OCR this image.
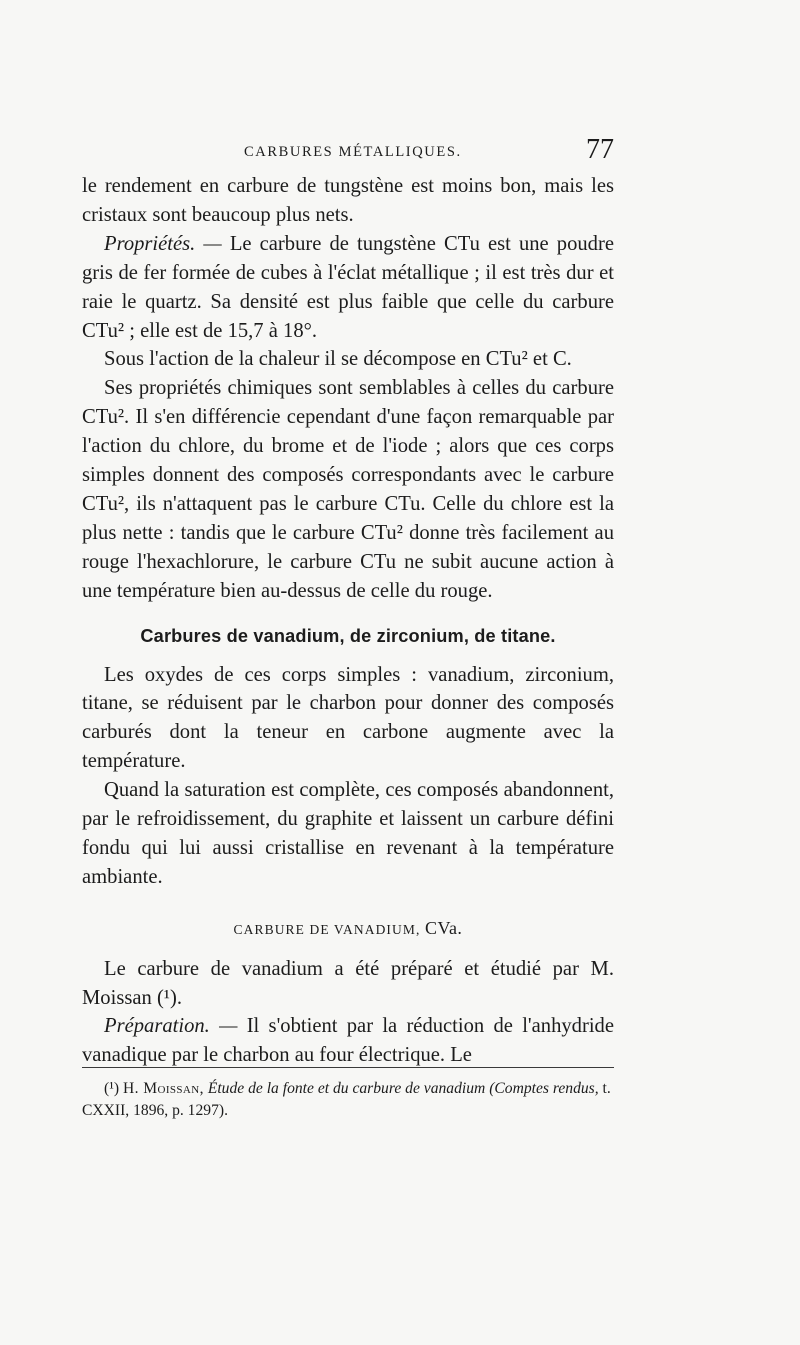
CARBURES MÉTALLIQUES.	77

le rendement en carbure de tungstène est moins bon, mais les cristaux sont beaucoup plus nets.

Propriétés. — Le carbure de tungstène CTu est une poudre gris de fer formée de cubes à l'éclat métallique ; il est très dur et raie le quartz. Sa densité est plus faible que celle du carbure CTu² ; elle est de 15,7 à 18°.

Sous l'action de la chaleur il se décompose en CTu² et C.

Ses propriétés chimiques sont semblables à celles du carbure CTu². Il s'en différencie cependant d'une façon remarquable par l'action du chlore, du brome et de l'iode ; alors que ces corps simples donnent des composés correspondants avec le carbure CTu², ils n'attaquent pas le carbure CTu. Celle du chlore est la plus nette : tandis que le carbure CTu² donne très facilement au rouge l'hexachlorure, le carbure CTu ne subit aucune action à une température bien au-dessus de celle du rouge.

Carbures de vanadium, de zirconium, de titane.

Les oxydes de ces corps simples : vanadium, zirconium, titane, se réduisent par le charbon pour donner des composés carburés dont la teneur en carbone augmente avec la température.

Quand la saturation est complète, ces composés abandonnent, par le refroidissement, du graphite et laissent un carbure défini fondu qui lui aussi cristallise en revenant à la température ambiante.

CARBURE DE VANADIUM, CVa.

Le carbure de vanadium a été préparé et étudié par M. Moissan (¹).

Préparation. — Il s'obtient par la réduction de l'anhydride vanadique par le charbon au four électrique. Le

(¹) H. Moissan, Étude de la fonte et du carbure de vanadium (Comptes rendus, t. CXXII, 1896, p. 1297).
